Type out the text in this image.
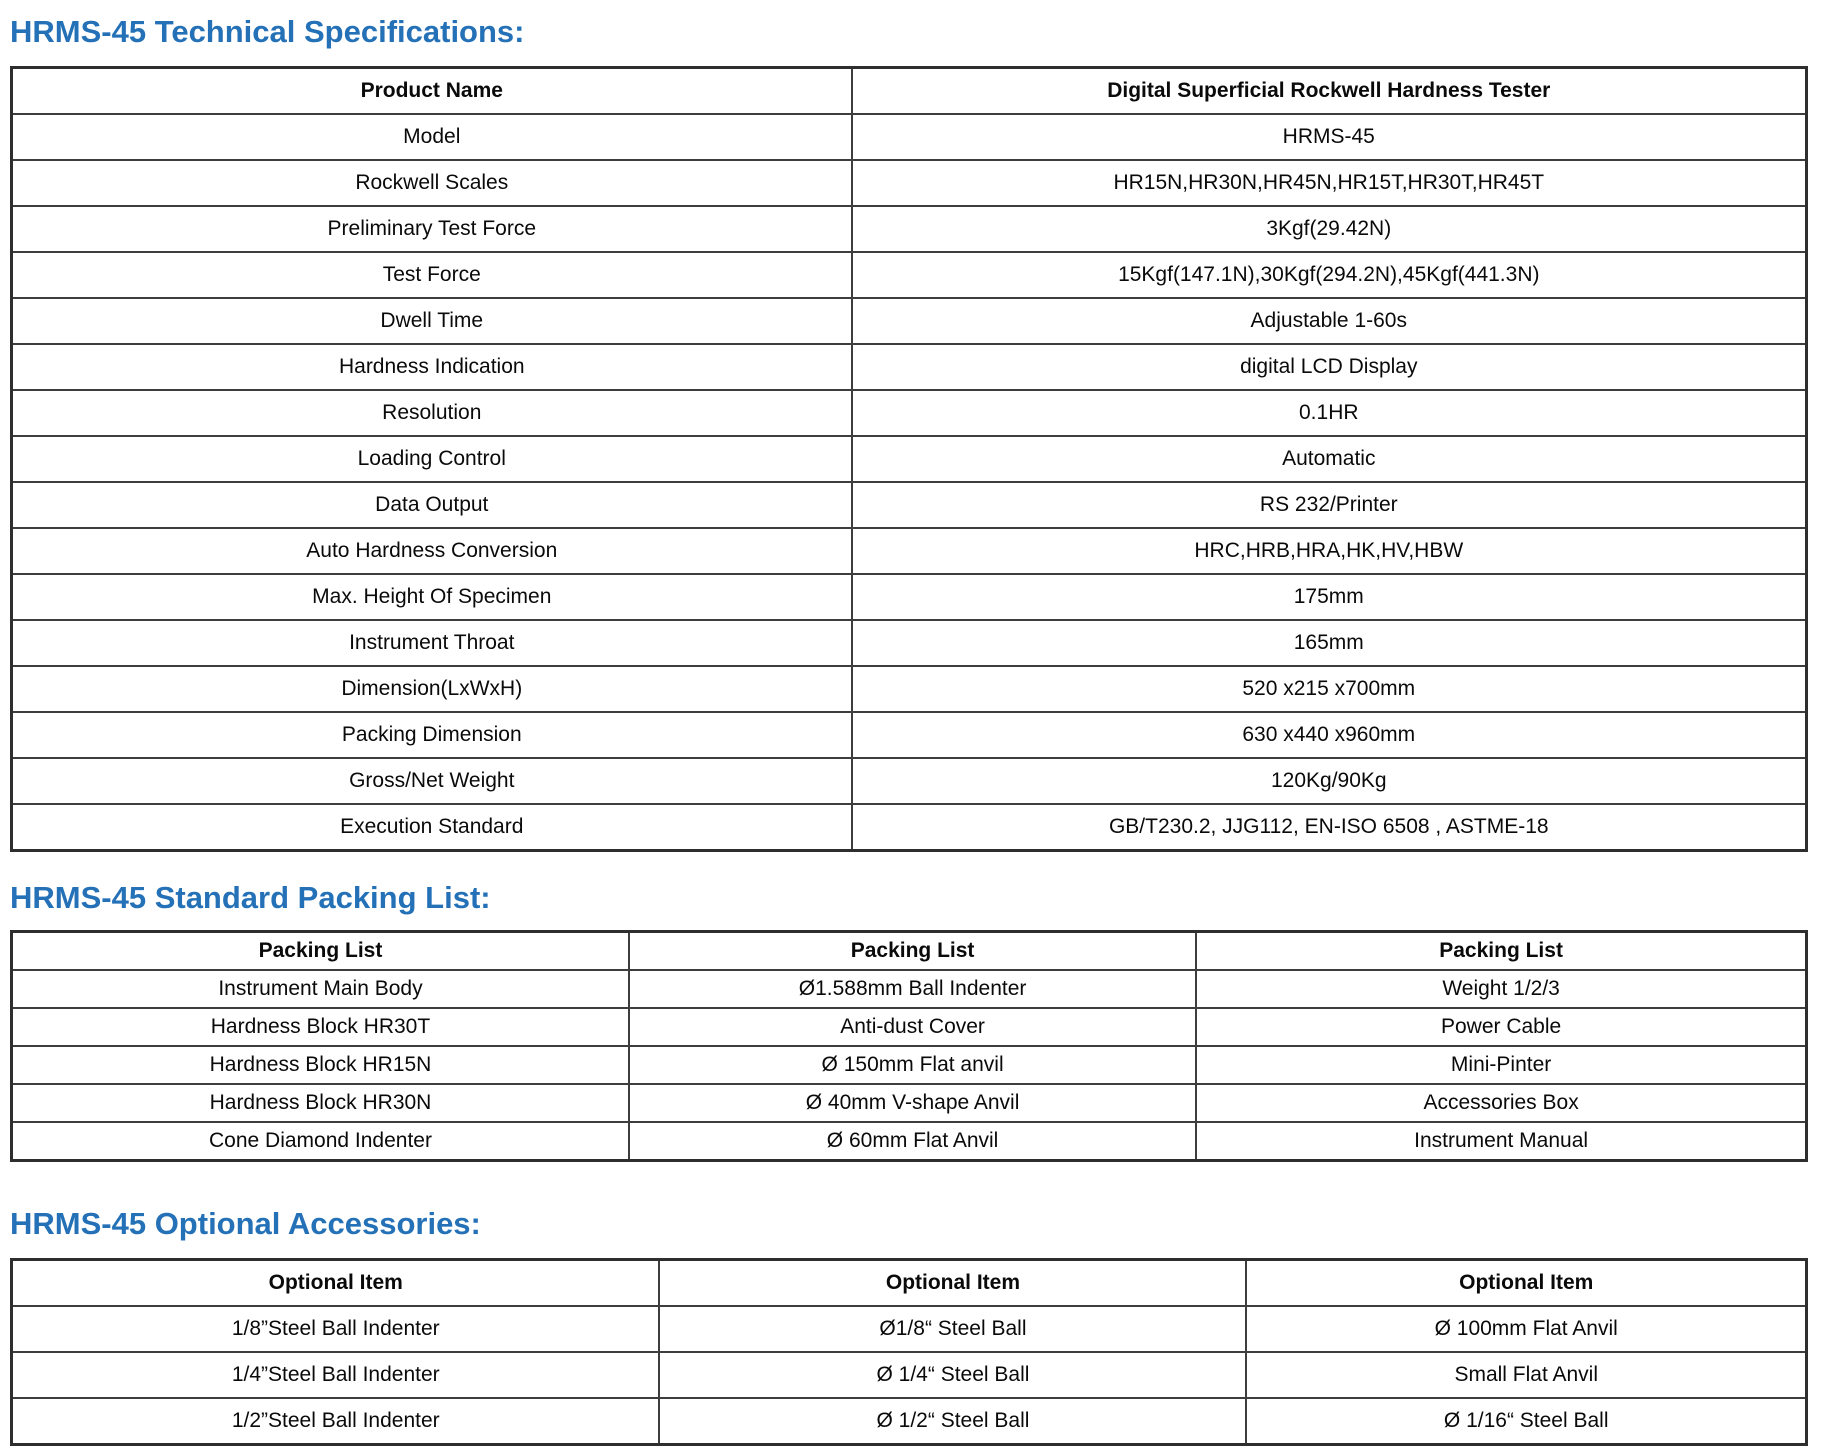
HRMS-45 Technical Specifications:
Product Name	Digital Superficial Rockwell Hardness Tester
Model	HRMS-45
Rockwell Scales	HR15N,HR30N,HR45N,HR15T,HR30T,HR45T
Preliminary Test Force	3Kgf(29.42N)
Test Force	15Kgf(147.1N),30Kgf(294.2N),45Kgf(441.3N)
Dwell Time	Adjustable 1-60s
Hardness Indication	digital LCD Display
Resolution	0.1HR
Loading Control	Automatic
Data Output	RS 232/Printer
Auto Hardness Conversion	HRC,HRB,HRA,HK,HV,HBW
Max. Height Of Specimen	175mm
Instrument Throat	165mm
Dimension(LxWxH)	520 x215 x700mm
Packing Dimension	630 x440 x960mm
Gross/Net Weight	120Kg/90Kg
Execution Standard	GB/T230.2, JJG112, EN-ISO 6508 , ASTME-18
HRMS-45 Standard Packing List:
Packing List	Packing List	Packing List
Instrument Main Body	Ø1.588mm Ball Indenter	Weight 1/2/3
Hardness Block HR30T	Anti-dust Cover	Power Cable
Hardness Block HR15N	Ø 150mm Flat anvil	Mini-Pinter
Hardness Block HR30N	Ø 40mm V-shape Anvil	Accessories Box
Cone Diamond Indenter	Ø 60mm Flat Anvil	Instrument Manual
HRMS-45 Optional Accessories:
Optional Item	Optional Item	Optional Item
1/8”Steel Ball Indenter	Ø1/8“ Steel Ball	Ø 100mm Flat Anvil
1/4”Steel Ball Indenter	Ø 1/4“ Steel Ball	Small Flat Anvil
1/2”Steel Ball Indenter	Ø 1/2“ Steel Ball	Ø 1/16“ Steel Ball
